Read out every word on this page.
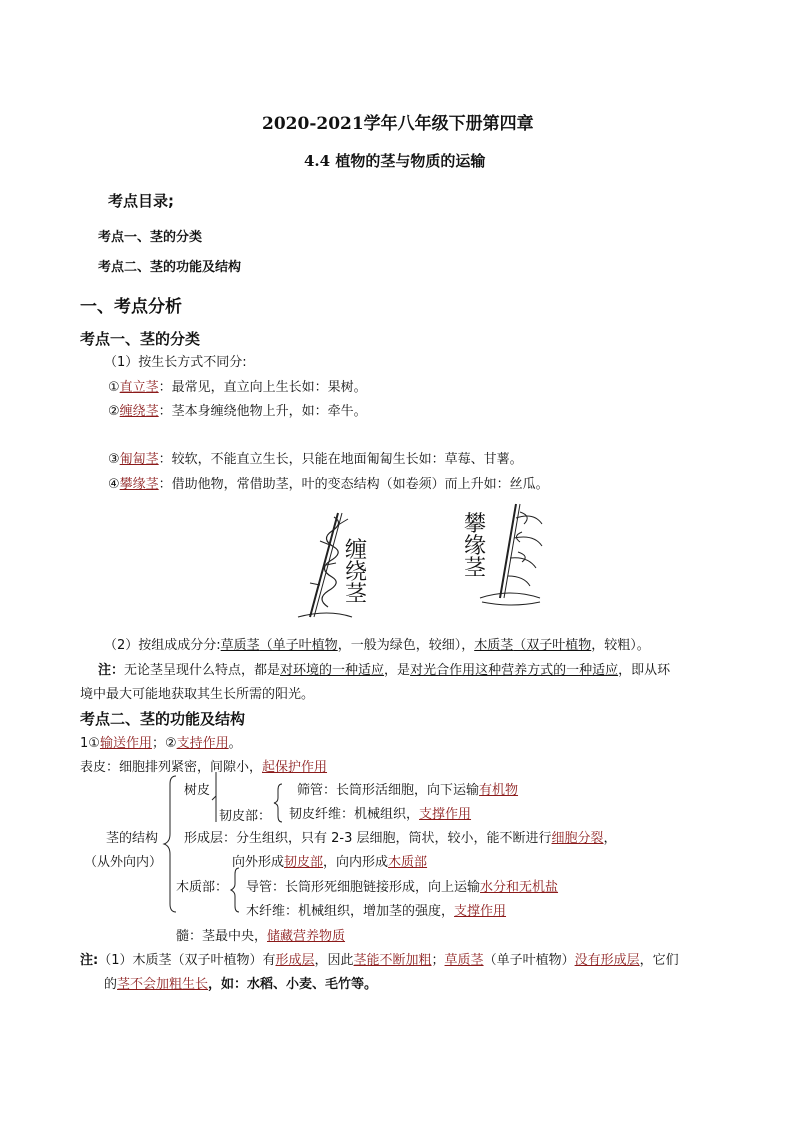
2020-2021学年八年级下册第四章
4.4 植物的茎与物质的运输
考点目录;
考点一、茎的分类
考点二、茎的功能及结构
一、考点分析
考点一、茎的分类
（1）按生长方式不同分:
①直立茎：最常见，直立向上生长如：果树。
②缠绕茎：茎本身缠绕他物上升，如：牵牛。
③匍匐茎：较软，不能直立生长，只能在地面匍匐生长如：草莓、甘薯。
④攀缘茎：借助他物，常借助茎，叶的变态结构（如卷须）而上升如：丝瓜。
缠绕茎
攀缘茎
（2）按组成成分分:草质茎（单子叶植物，一般为绿色，较细），木质茎（双子叶植物，较粗）。
注：无论茎呈现什么特点，都是对环境的一种适应，是对光合作用这种营养方式的一种适应，即从环
境中最大可能地获取其生长所需的阳光。
考点二、茎的功能及结构
1①输送作用；②支持作用。
表皮：细胞排列紧密，间隙小，起保护作用
树皮
韧皮部：
筛管：长筒形活细胞，向下运输有机物
韧皮纤维：机械组织，支撑作用
茎的结构
（从外向内）
形成层：分生组织，只有 2-3 层细胞，筒状，较小，能不断进行细胞分裂，
向外形成韧皮部，向内形成木质部
木质部： 导管：长筒形死细胞链接形成，向上运输水分和无机盐
木纤维：机械组织，增加茎的强度，支撑作用
髓：茎最中央，储藏营养物质
注:（1）木质茎（双子叶植物）有形成层，因此茎能不断加粗；草质茎（单子叶植物）没有形成层，它们
的茎不会加粗生长，如：水稻、小麦、毛竹等。
